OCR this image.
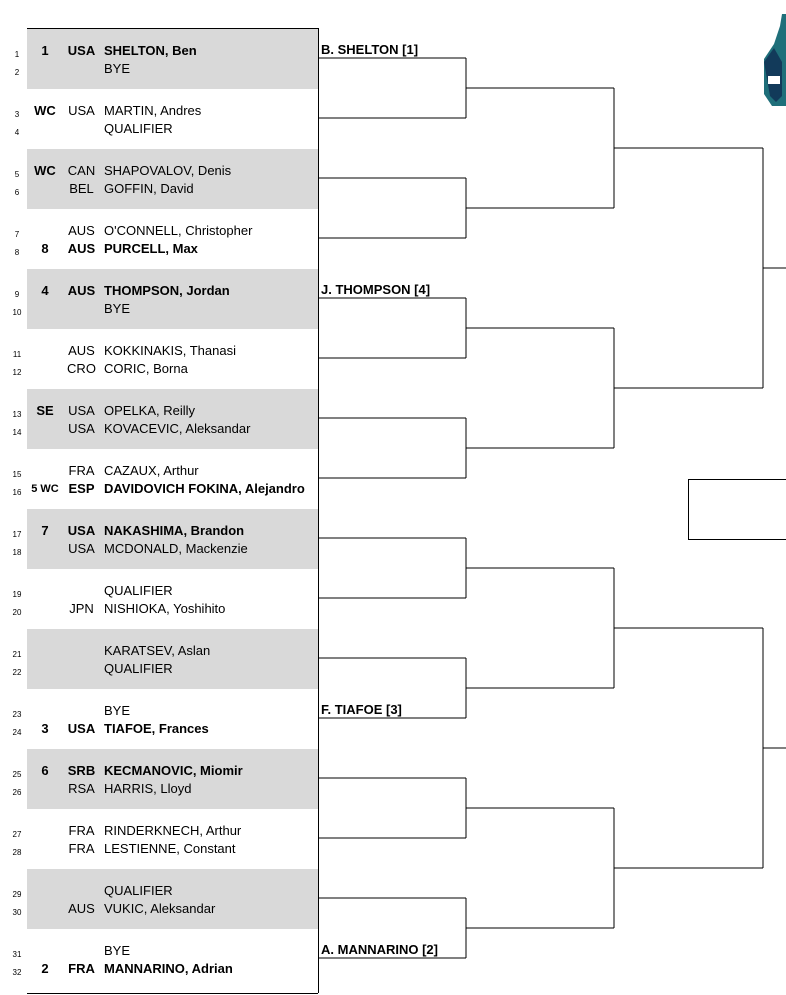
1	1	USA SHELTON, Ben
2	BYE
3	WC USA MARTIN, Andres
4	QUALIFIER
5	WC CAN SHAPOVALOV, Denis
6	BEL GOFFIN, David
7	AUS O'CONNELL, Christopher
8	8	AUS PURCELL, Max
9	4	AUS THOMPSON, Jordan
10	BYE
11	AUS KOKKINAKIS, Thanasi
12	CRO CORIC, Borna
13	SE	USA OPELKA, Reilly
14	USA KOVACEVIC, Aleksandar
15	FRA CAZAUX, Arthur
16 5 WC ESP DAVIDOVICH FOKINA, Alejandro
17	7	USA NAKASHIMA, Brandon
18	USA MCDONALD, Mackenzie
19	QUALIFIER
20	JPN NISHIOKA, Yoshihito
21	KARATSEV, Aslan
22	QUALIFIER
23	BYE
24	3	USA TIAFOE, Frances
25	6	SRB KECMANOVIC, Miomir
26	RSA HARRIS, Lloyd
27	FRA RINDERKNECH, Arthur
28	FRA LESTIENNE, Constant
29	QUALIFIER
30	AUS VUKIC, Aleksandar
31	BYE
32	2	FRA MANNARINO, Adrian
B. SHELTON [1]
J. THOMPSON [4]
F. TIAFOE [3]
A. MANNARINO [2]
